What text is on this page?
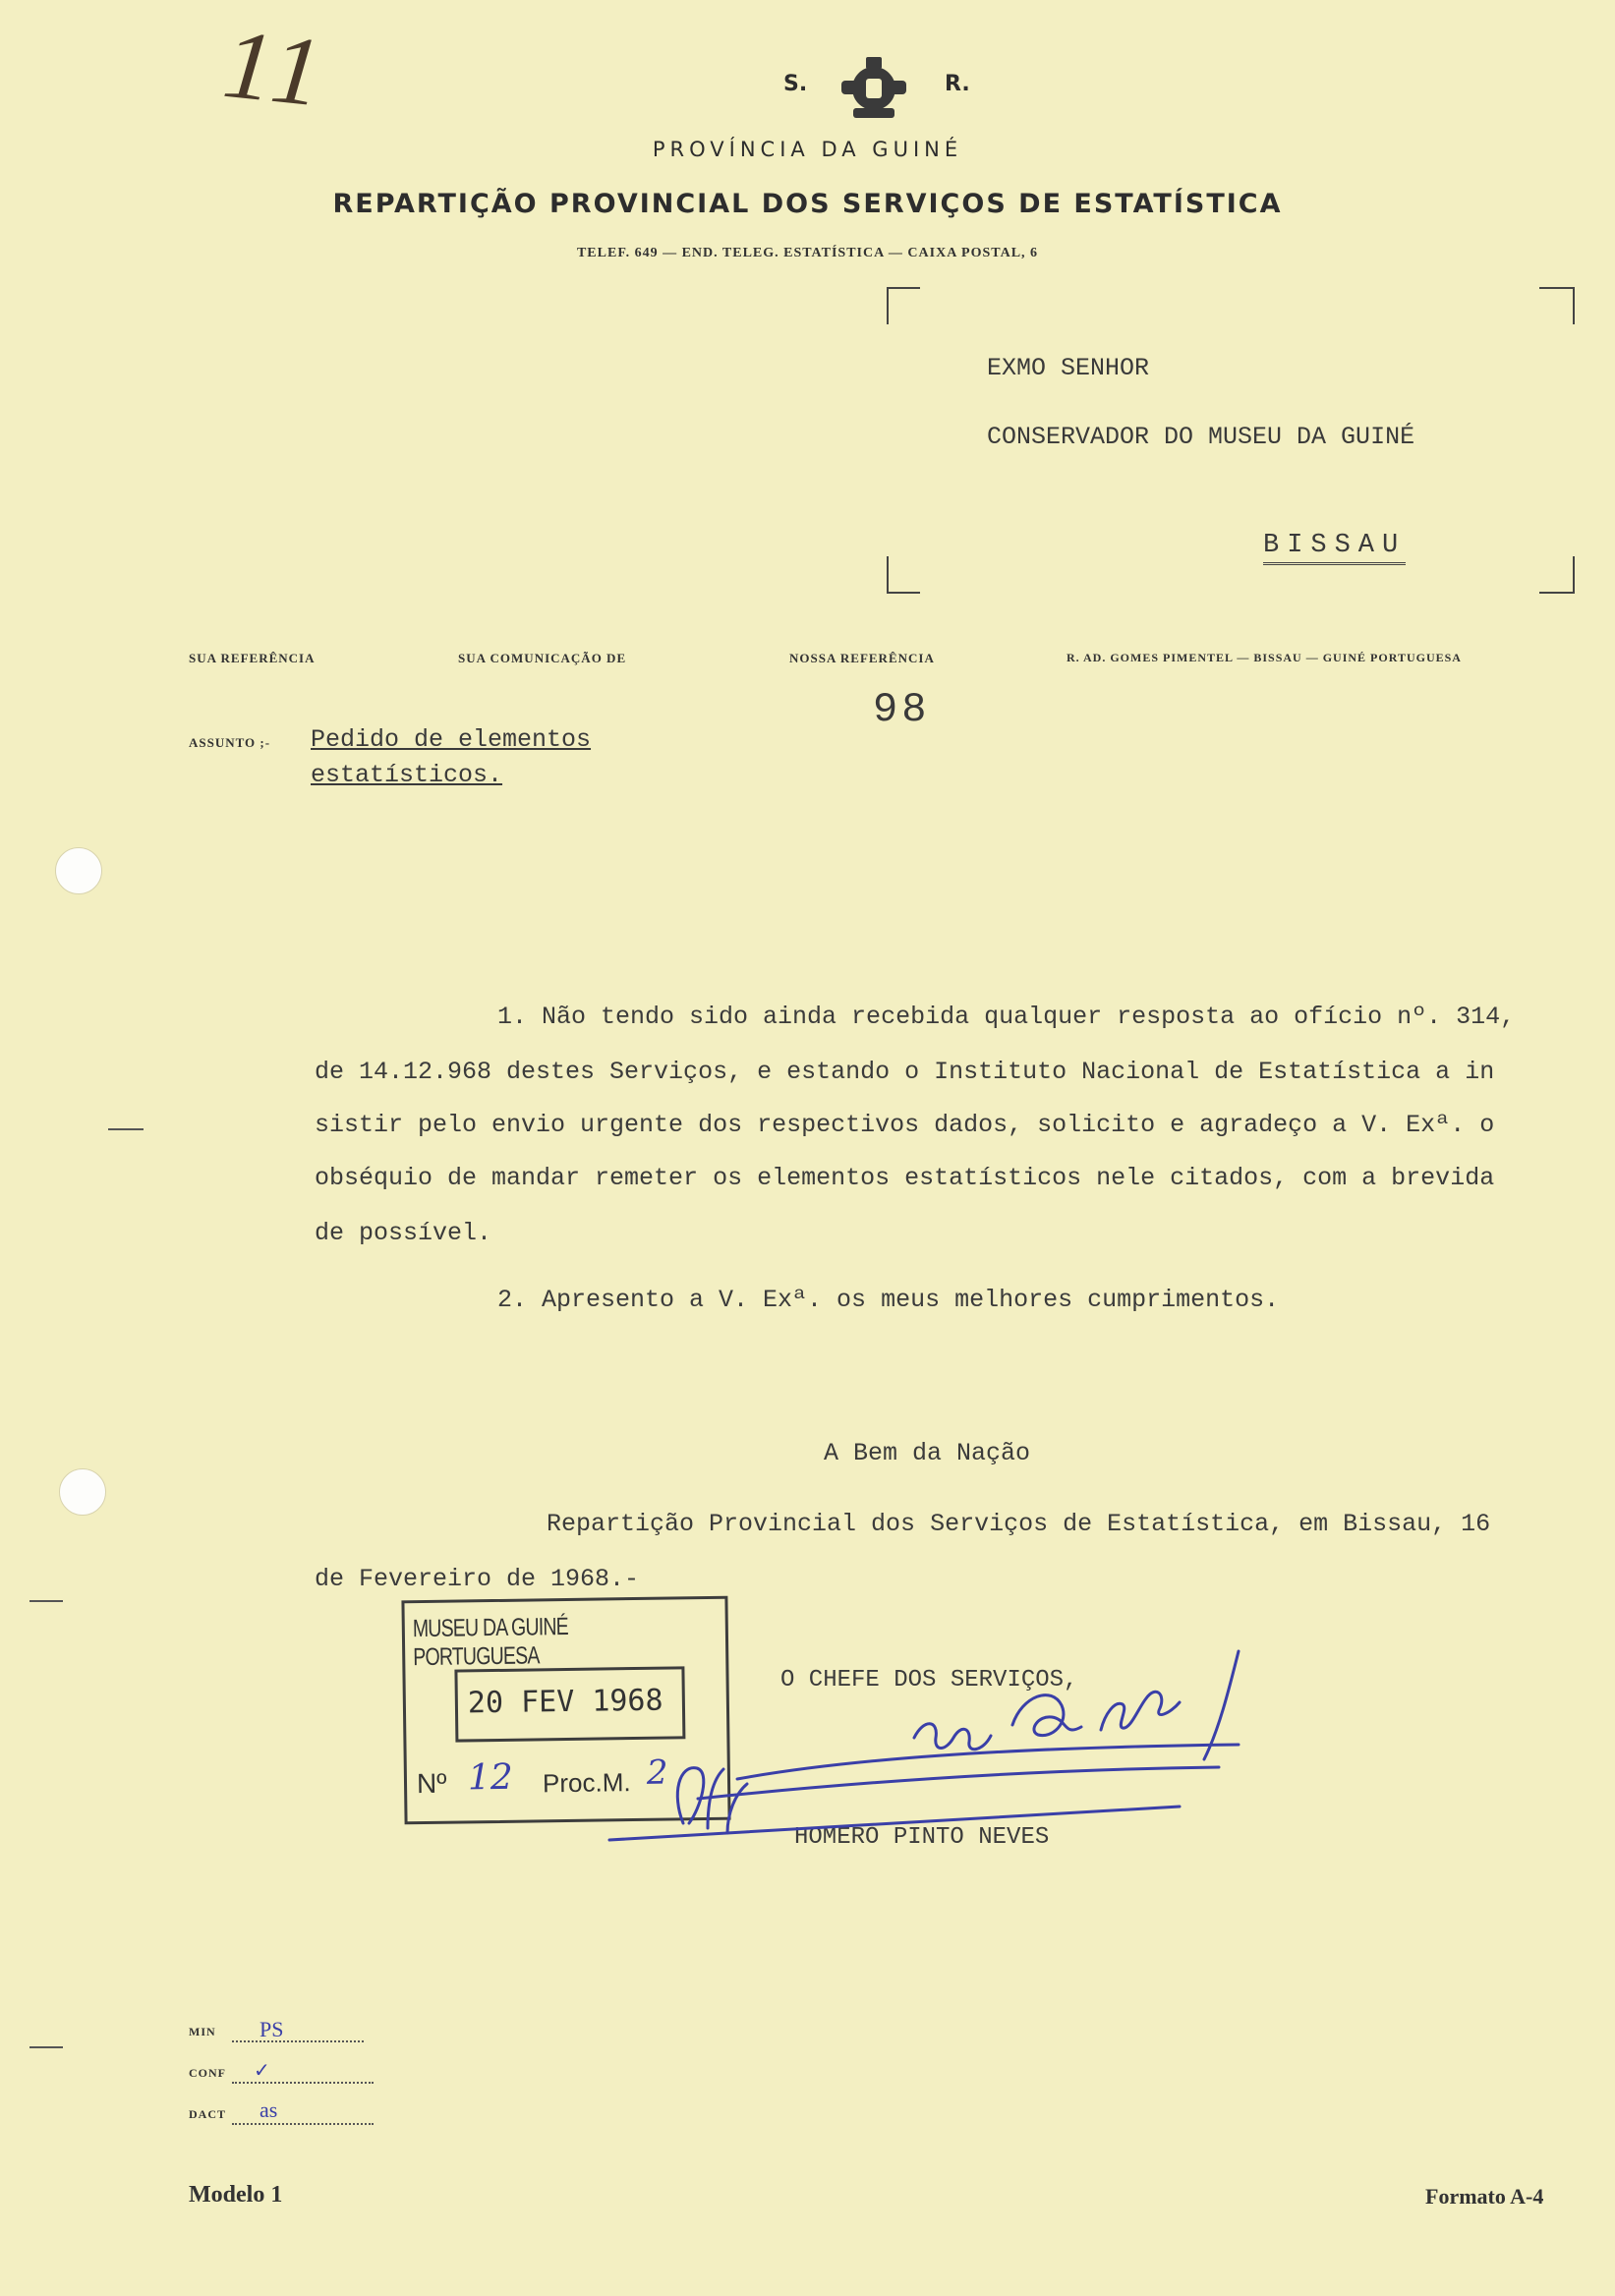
11	S.	R.
PROVÍNCIA DA GUINÉ
REPARTIÇÃO PROVINCIAL DOS SERVIÇOS DE ESTATÍSTICA
TELEF. 649 — END. TELEG. ESTATÍSTICA — CAIXA POSTAL, 6
EXMO SENHOR
CONSERVADOR DO MUSEU DA GUINÉ
BISSAU
SUA REFERÊNCIA	SUA COMUNICAÇÃO DE	NOSSA REFERÊNCIA	R. AD. GOMES PIMENTEL — BISSAU — GUINÉ PORTUGUESA
98
ASSUNTO ;- Pedido de elementos
estatísticos.
1. Não tendo sido ainda recebida qualquer resposta ao ofício nº. 314,
de 14.12.968 destes Serviços, e estando o Instituto Nacional de Estatística a in
sistir pelo envio urgente dos respectivos dados, solicito e agradeço a V. Exª. o
obséquio de mandar remeter os elementos estatísticos nele citados, com a brevida
de possível.
2. Apresento a V. Exª. os meus melhores cumprimentos.
A Bem da Nação
Repartição Provincial dos Serviços de Estatística, em Bissau, 16
de Fevereiro de 1968.-
O CHEFE DOS SERVIÇOS,
HOMERO PINTO NEVES
MUSEU DA GUINÉ PORTUGUESA
20 FEV 1968
Nº 12 Proc.M. 2
MIN PS
CONF ✓
DACT as
Modelo 1	Formato A-4
